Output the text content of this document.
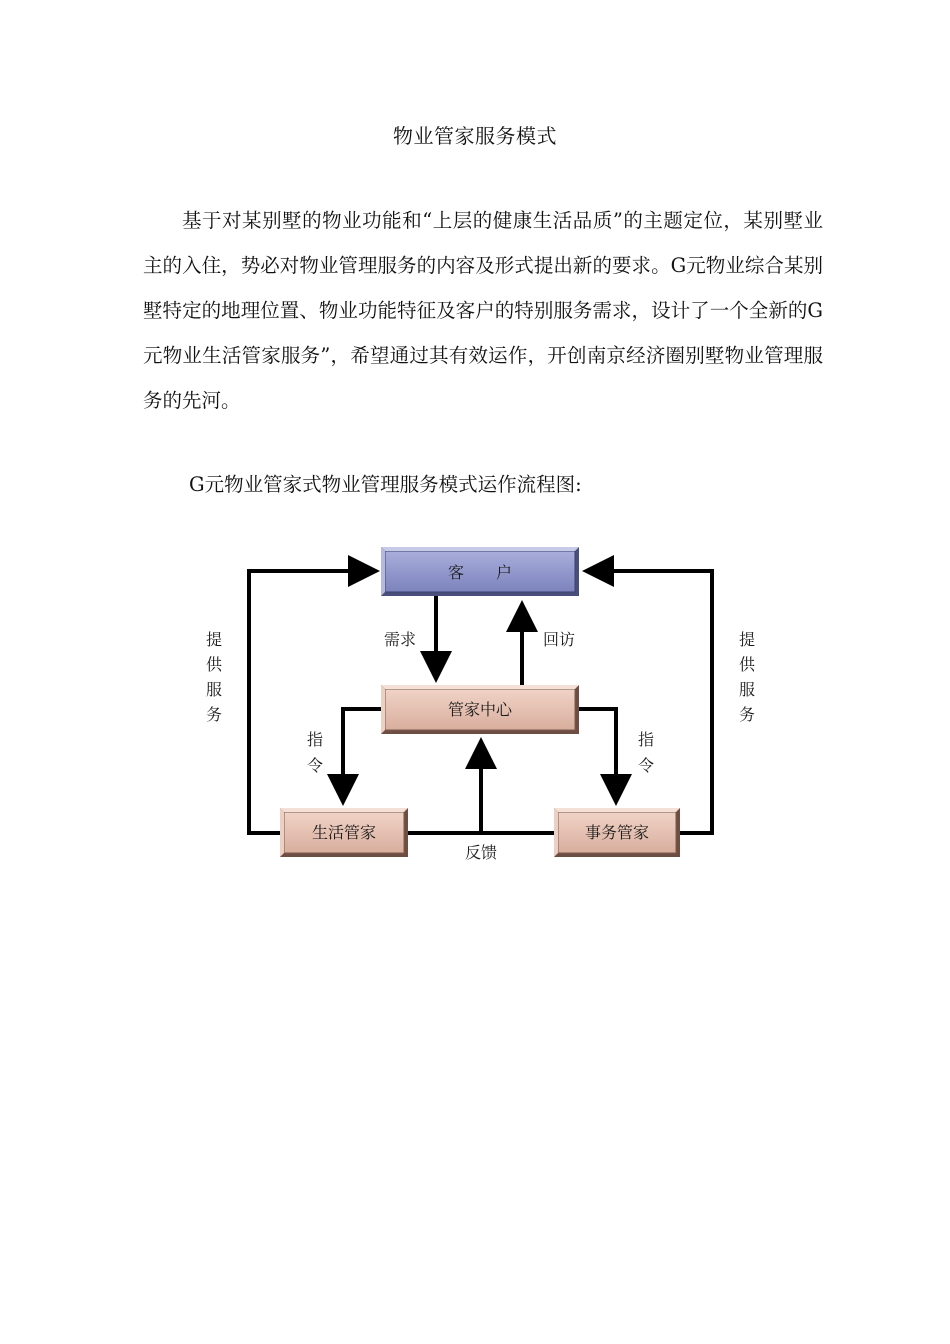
物业管家服务模式

基于对某别墅的物业功能和“上层的健康生活品质”的主题定位，某别墅业主的入住，势必对物业管理服务的内容及形式提出新的要求。G元物业综合某别墅特定的地理位置、物业功能特征及客户的特别服务需求，设计了一个全新的G元物业生活管家服务”，希望通过其有效运作，开创南京经济圈别墅物业管理服务的先河。

G元物业管家式物业管理服务模式运作流程图:

客　　户
管家中心
生活管家	事务管家
需求	回访
反馈
指
令
指
令
提
供
服
务
提
供
服
务
